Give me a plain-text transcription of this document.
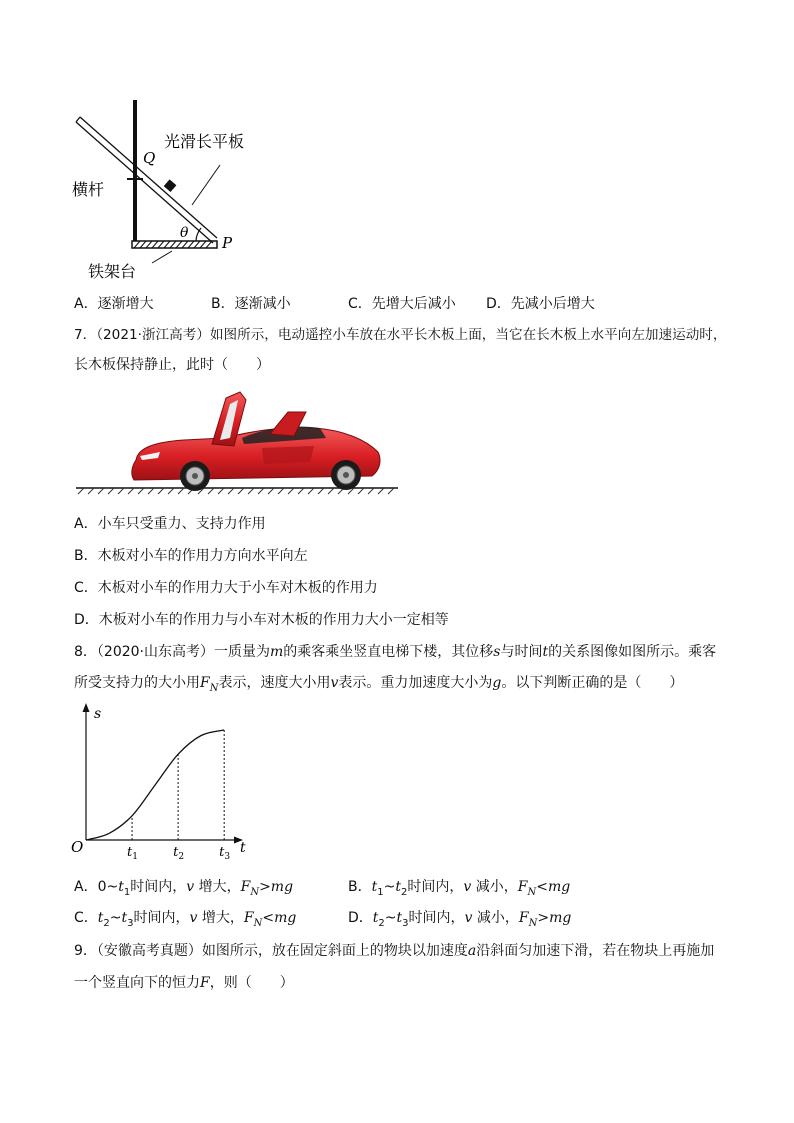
光滑长平板
Q
横杆
θ
P
铁架台
A．逐渐增大	B．逐渐减小	C．先增大后减小 D．先减小后增大
7．（2021·浙江高考）如图所示，电动遥控小车放在水平长木板上面，当它在长木板上水平向左加速运动时，
长木板保持静止，此时（　　）
A．小车只受重力、支持力作用
B．木板对小车的作用力方向水平向左
C．木板对小车的作用力大于小车对木板的作用力
D．木板对小车的作用力与小车对木板的作用力大小一定相等
8．（2020·山东高考）一质量为m的乘客乘坐竖直电梯下楼，其位移s与时间t的关系图像如图所示。乘客
所受支持力的大小用$F_N$表示，速度大小用v表示。重力加速度大小为g。以下判断正确的是（　　）
s
t
O	$t_1$	$t_2$	$t_3$
A．$0\sim t_1$时间内，v 增大，$F_N>mg$	B．$t_1\sim t_2$时间内，v 减小，$F_N<mg$
C．$t_2\sim t_3$时间内，v 增大，$F_N<mg$	D．$t_2\sim t_3$时间内，v 减小，$F_N>mg$
9．（安徽高考真题）如图所示，放在固定斜面上的物块以加速度a沿斜面匀加速下滑，若在物块上再施加
一个竖直向下的恒力F，则（　　）
